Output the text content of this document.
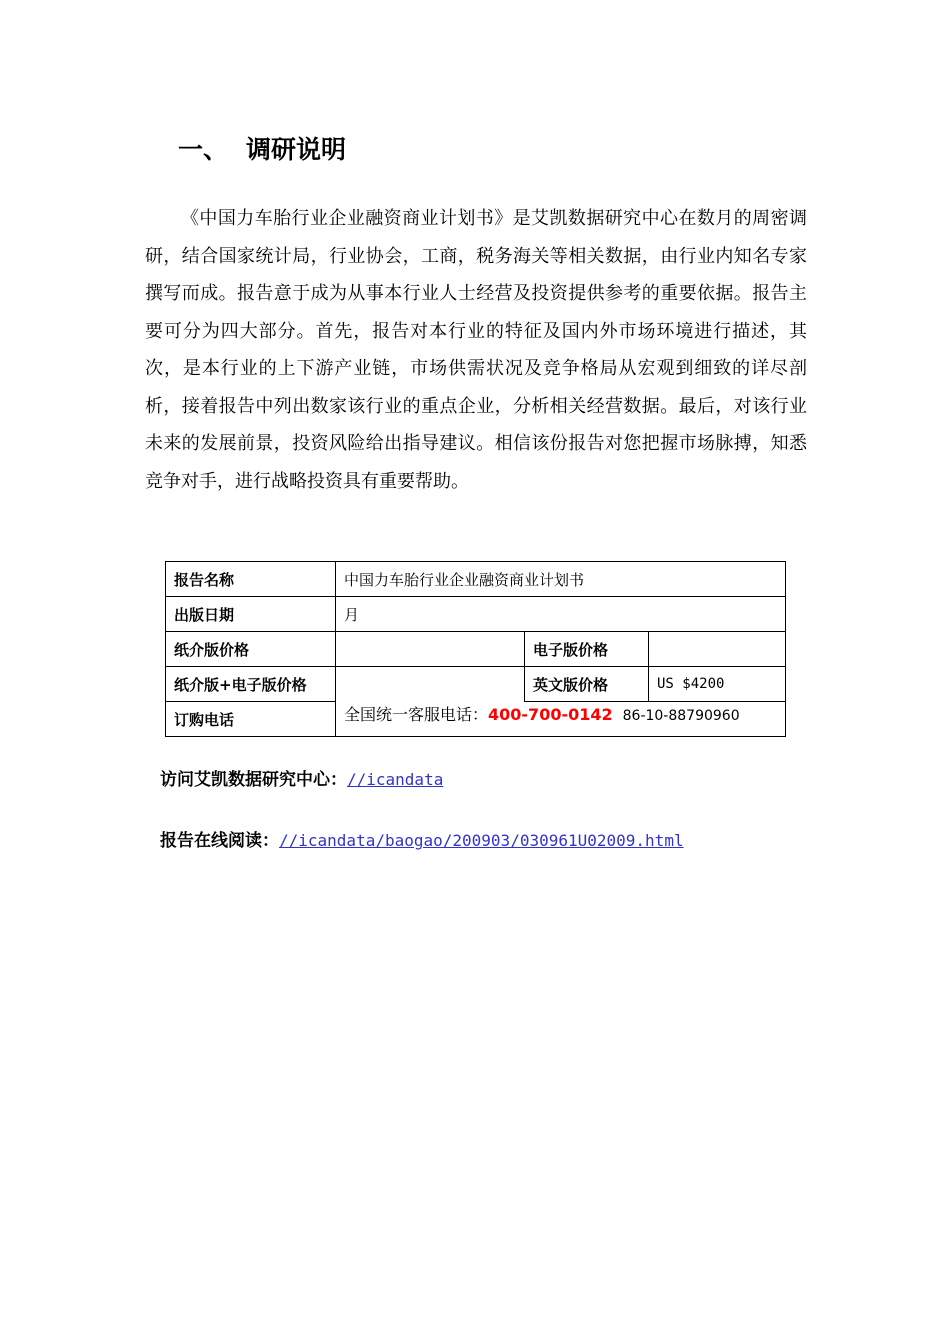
一、 调研说明

《中国力车胎行业企业融资商业计划书》是艾凯数据研究中心在数月的周密调研，结合国家统计局，行业协会，工商，税务海关等相关数据，由行业内知名专家撰写而成。报告意于成为从事本行业人士经营及投资提供参考的重要依据。报告主要可分为四大部分。首先，报告对本行业的特征及国内外市场环境进行描述，其次，是本行业的上下游产业链，市场供需状况及竞争格局从宏观到细致的详尽剖析，接着报告中列出数家该行业的重点企业，分析相关经营数据。最后，对该行业未来的发展前景，投资风险给出指导建议。相信该份报告对您把握市场脉搏，知悉竞争对手，进行战略投资具有重要帮助。

报告名称	中国力车胎行业企业融资商业计划书		
出版日期	月		
纸介版价格		电子版价格	
纸介版+电子版价格		英文版价格	US $4200
订购电话	全国统一客服电话：400-700-0142 86-10-88790960		
访问艾凯数据研究中心：//icandata
报告在线阅读：//icandata/baogao/200903/030961U02009.html
